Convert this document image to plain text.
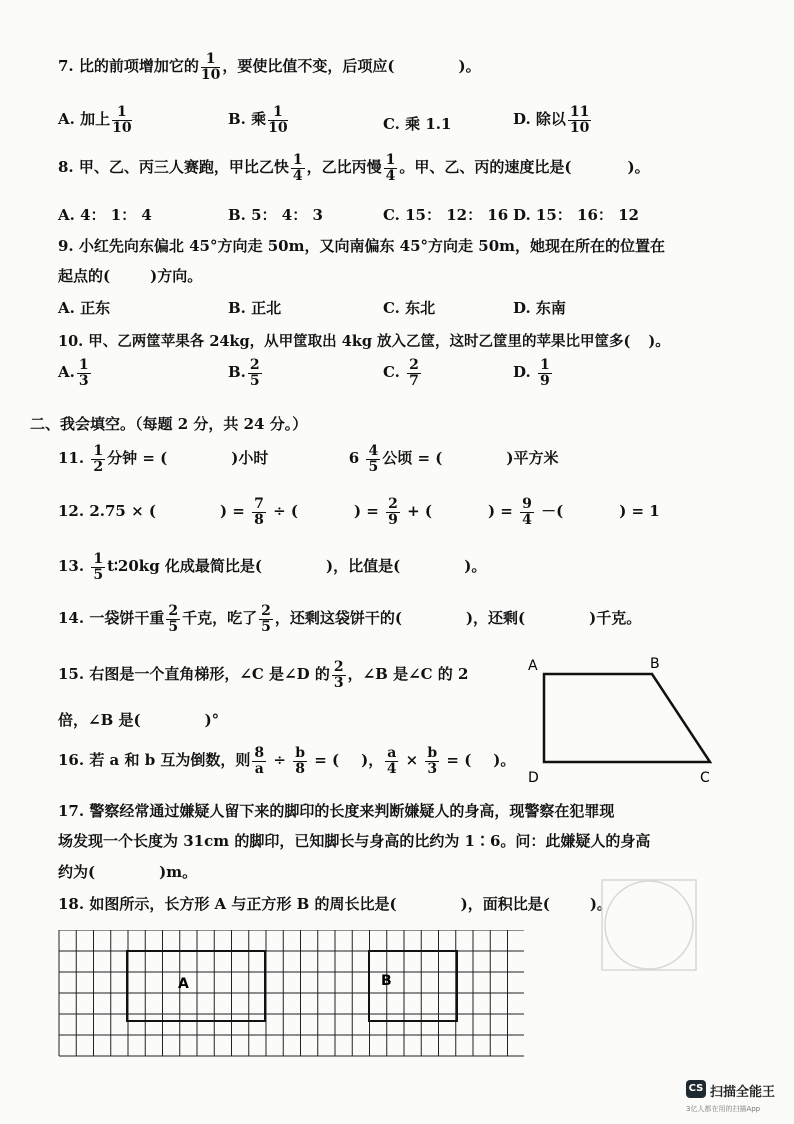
7. 比的前项增加它的 $\frac{1}{10}$ ，要使比值不变，后项应(	)。
A. 加上 $\frac{1}{10}$	B. 乘 $\frac{1}{10}$	C. 乘 1.1	D. 除以 $\frac{11}{10}$
8. 甲、乙、丙三人赛跑，甲比乙快 $\frac{1}{4}$ ，乙比丙慢 $\frac{1}{4}$ 。甲、乙、丙的速度比是(	)。
A. 4： 1： 4	B. 5： 4： 3	C. 15： 12： 16 D. 15： 16： 12
9. 小红先向东偏北 45°方向走 50m，又向南偏东 45°方向走 50m，她现在所在的位置在
起点的(	)方向。
A. 正东	B. 正北	C. 东北	D. 东南
10. 甲、乙两筐苹果各 24kg，从甲筐取出 4kg 放入乙筐，这时乙筐里的苹果比甲筐多( )。
A. $\frac{1}{3}$	B. $\frac{2}{5}$	C. $\frac{2}{7}$	D. $\frac{1}{9}$
二、我会填空。（每题 2 分，共 24 分。）
11. $\frac{1}{2}$ 分钟 = (	)小时	$6 \frac{4}{5}$ 公顷 = (	)平方米
12. 2.75 × (	) = $\frac{7}{8}$ ÷ (	) = $\frac{2}{9}$ + (	) = $\frac{9}{4}$ －(	) = 1
13. $\frac{1}{5}$ t∶20kg 化成最简比是(	)，比值是(	)。
14. 一袋饼干重 $\frac{2}{5}$ 千克，吃了 $\frac{2}{5}$ ，还剩这袋饼干的(	)，还剩(	)千克。
15. 右图是一个直角梯形，∠C 是∠D 的 $\frac{2}{3}$ ，∠B 是∠C 的 2
倍，∠B 是(	)°
A	B
D	C
16. 若 a 和 b 互为倒数，则 $\frac{8}{a} \div \frac{b}{8}$ = ( )， $\frac{a}{4} \times \frac{b}{3}$ = ( )。
17. 警察经常通过嫌疑人留下来的脚印的长度来判断嫌疑人的身高，现警察在犯罪现
场发现一个长度为 31cm 的脚印，已知脚长与身高的比约为 1∶6。问：此嫌疑人的身高
约为(	)m。
18. 如图所示，长方形 A 与正方形 B 的周长比是(	)，面积比是(	)。
A	B
CS 扫描全能王
3亿人都在用的扫描App
